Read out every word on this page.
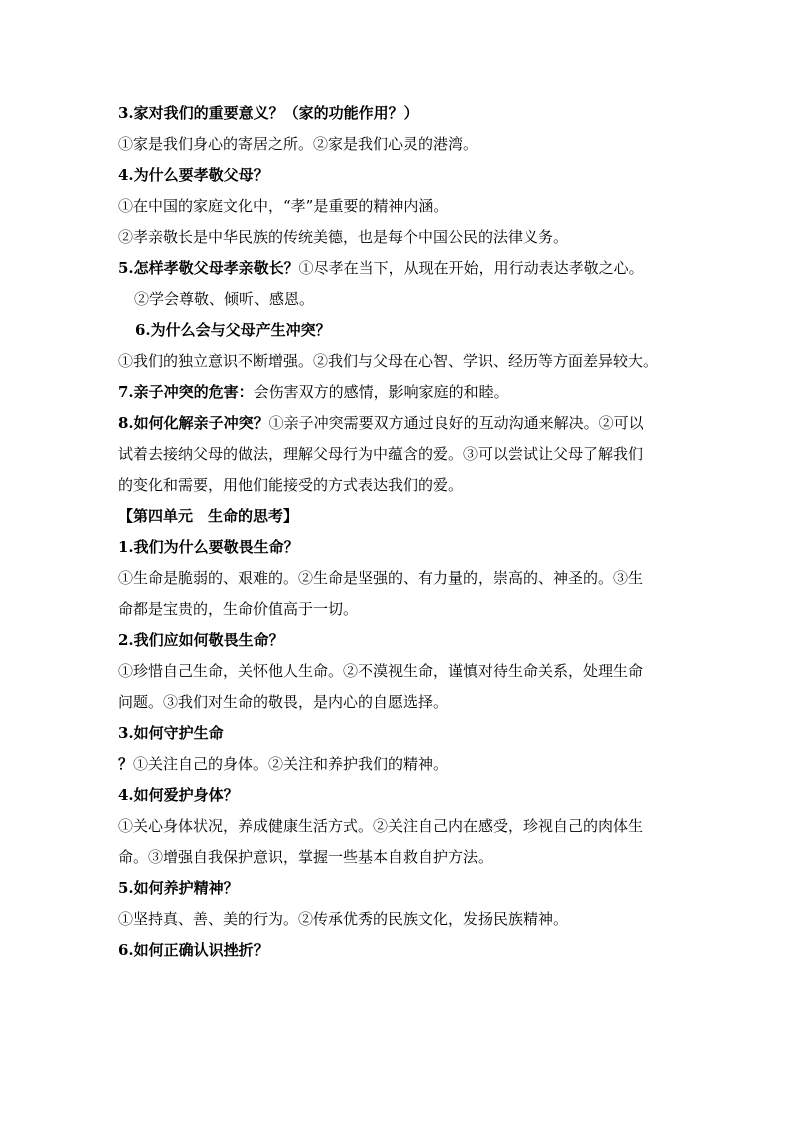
3.家对我们的重要意义？（家的功能作用？）
①家是我们身心的寄居之所。②家是我们心灵的港湾。
4.为什么要孝敬父母？
①在中国的家庭文化中，“孝”是重要的精神内涵。
②孝亲敬长是中华民族的传统美德，也是每个中国公民的法律义务。
5.怎样孝敬父母孝亲敬长？①尽孝在当下，从现在开始，用行动表达孝敬之心。
②学会尊敬、倾听、感恩。
6.为什么会与父母产生冲突？
①我们的独立意识不断增强。②我们与父母在心智、学识、经历等方面差异较大。
7.亲子冲突的危害：会伤害双方的感情，影响家庭的和睦。
8.如何化解亲子冲突？①亲子冲突需要双方通过良好的互动沟通来解决。②可以
试着去接纳父母的做法，理解父母行为中蕴含的爱。③可以尝试让父母了解我们
的变化和需要，用他们能接受的方式表达我们的爱。
【第四单元　生命的思考】
1.我们为什么要敬畏生命？
①生命是脆弱的、艰难的。②生命是坚强的、有力量的，崇高的、神圣的。③生
命都是宝贵的，生命价值高于一切。
2.我们应如何敬畏生命？
①珍惜自己生命，关怀他人生命。②不漠视生命，谨慎对待生命关系，处理生命
问题。③我们对生命的敬畏，是内心的自愿选择。
3.如何守护生命
？①关注自己的身体。②关注和养护我们的精神。
4.如何爱护身体？
①关心身体状况，养成健康生活方式。②关注自己内在感受，珍视自己的肉体生
命。③增强自我保护意识，掌握一些基本自救自护方法。
5.如何养护精神？
①坚持真、善、美的行为。②传承优秀的民族文化，发扬民族精神。
6.如何正确认识挫折？
